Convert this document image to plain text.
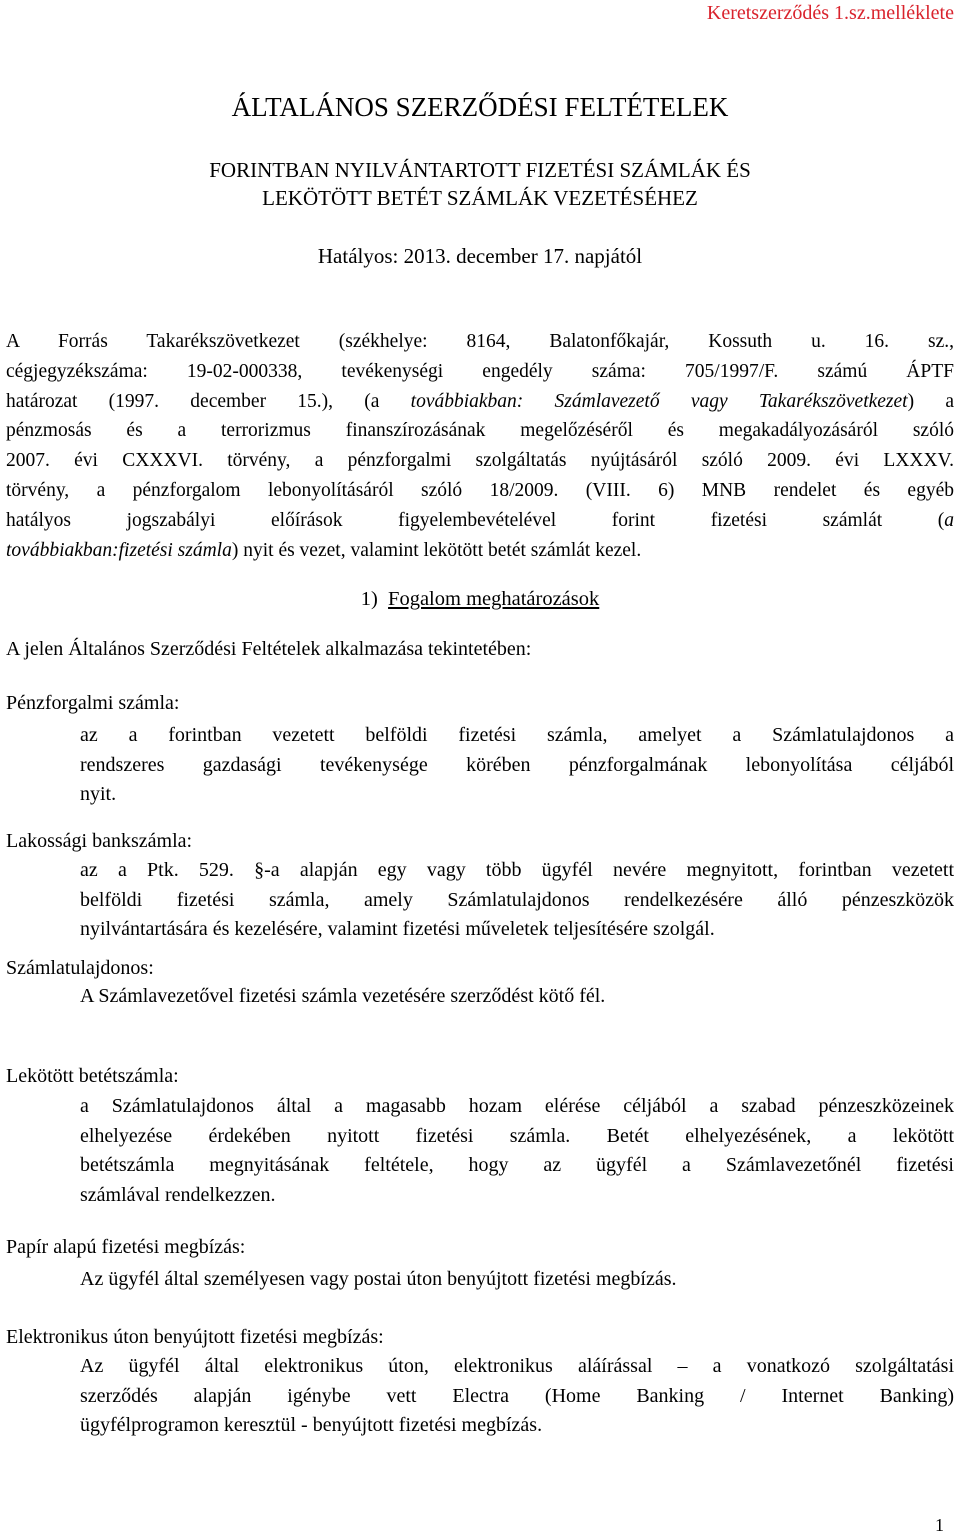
Keretszerződés 1.sz.melléklete
ÁLTALÁNOS SZERZŐDÉSI FELTÉTELEK
FORINTBAN NYILVÁNTARTOTT FIZETÉSI SZÁMLÁK ÉS
LEKÖTÖTT BETÉT SZÁMLÁK VEZETÉSÉHEZ
Hatályos: 2013. december 17. napjától
A Forrás Takarékszövetkezet (székhelye: 8164, Balatonfőkajár, Kossuth u. 16. sz.,
cégjegyzékszáma: 19-02-000338, tevékenységi engedély száma: 705/1997/F. számú ÁPTF
határozat (1997. december 15.), (a továbbiakban: Számlavezető vagy Takarékszövetkezet) a
pénzmosás és a terrorizmus finanszírozásának megelőzéséről és megakadályozásáról szóló
2007. évi CXXXVI. törvény, a pénzforgalmi szolgáltatás nyújtásáról szóló 2009. évi LXXXV.
törvény, a pénzforgalom lebonyolításáról szóló 18/2009. (VIII. 6) MNB rendelet és egyéb
hatályos jogszabályi előírások figyelembevételével forint fizetési számlát (a
továbbiakban:fizetési számla) nyit és vezet, valamint lekötött betét számlát kezel.
1) Fogalom meghatározások
A jelen Általános Szerződési Feltételek alkalmazása tekintetében:
Pénzforgalmi számla:
az a forintban vezetett belföldi fizetési számla, amelyet a Számlatulajdonos a
rendszeres gazdasági tevékenysége körében pénzforgalmának lebonyolítása céljából
nyit.
Lakossági bankszámla:
az a Ptk. 529. §-a alapján egy vagy több ügyfél nevére megnyitott, forintban vezetett
belföldi fizetési számla, amely Számlatulajdonos rendelkezésére álló pénzeszközök
nyilvántartására és kezelésére, valamint fizetési műveletek teljesítésére szolgál.
Számlatulajdonos:
A Számlavezetővel fizetési számla vezetésére szerződést kötő fél.
Lekötött betétszámla:
a Számlatulajdonos által a magasabb hozam elérése céljából a szabad pénzeszközeinek
elhelyezése érdekében nyitott fizetési számla. Betét elhelyezésének, a lekötött
betétszámla megnyitásának feltétele, hogy az ügyfél a Számlavezetőnél fizetési
számlával rendelkezzen.
Papír alapú fizetési megbízás:
Az ügyfél által személyesen vagy postai úton benyújtott fizetési megbízás.
Elektronikus úton benyújtott fizetési megbízás:
Az ügyfél által elektronikus úton, elektronikus aláírással – a vonatkozó szolgáltatási
szerződés alapján igénybe vett Electra (Home Banking / Internet Banking)
ügyfélprogramon keresztül - benyújtott fizetési megbízás.
1
